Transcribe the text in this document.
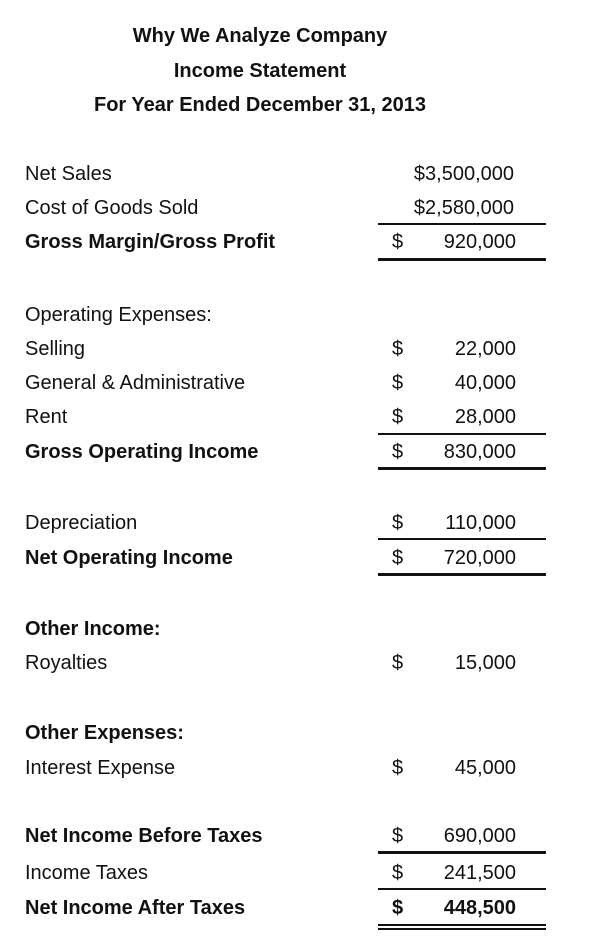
Why We Analyze Company
Income Statement
For Year Ended December 31, 2013
Net Sales	$3,500,000
Cost of Goods Sold	$2,580,000
Gross Margin/Gross Profit	$ 920,000
Operating Expenses:
Selling	$	22,000
General & Administrative	$	40,000
Rent	$	28,000
Gross Operating Income	$ 830,000
Depreciation	$ 110,000
Net Operating Income	$ 720,000
Other Income:
Royalties	$	15,000
Other Expenses:
Interest Expense	$	45,000
Net Income Before Taxes	$ 690,000
Income Taxes	$ 241,500
Net Income After Taxes	$ 448,500
